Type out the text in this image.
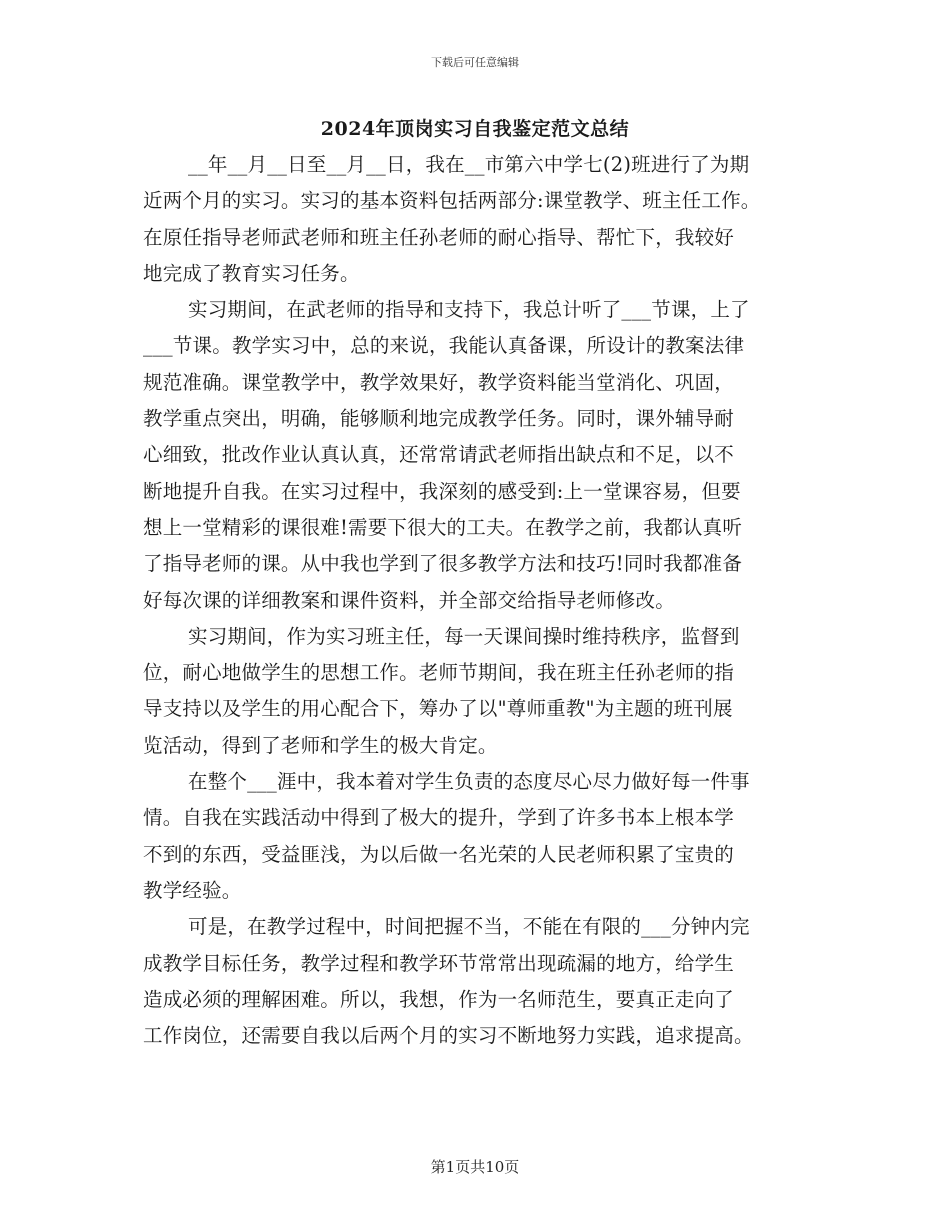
下载后可任意编辑
2024年顶岗实习自我鉴定范文总结
__年__月__日至__月__日，我在__市第六中学七(2)班进行了为期
近两个月的实习。实习的基本资料包括两部分:课堂教学、班主任工作。
在原任指导老师武老师和班主任孙老师的耐心指导、帮忙下，我较好
地完成了教育实习任务。
实习期间，在武老师的指导和支持下，我总计听了___节课，上了
___节课。教学实习中，总的来说，我能认真备课，所设计的教案法律
规范准确。课堂教学中，教学效果好，教学资料能当堂消化、巩固，
教学重点突出，明确，能够顺利地完成教学任务。同时，课外辅导耐
心细致，批改作业认真认真，还常常请武老师指出缺点和不足，以不
断地提升自我。在实习过程中，我深刻的感受到:上一堂课容易，但要
想上一堂精彩的课很难!需要下很大的工夫。在教学之前，我都认真听
了指导老师的课。从中我也学到了很多教学方法和技巧!同时我都准备
好每次课的详细教案和课件资料，并全部交给指导老师修改。
实习期间，作为实习班主任，每一天课间操时维持秩序，监督到
位，耐心地做学生的思想工作。老师节期间，我在班主任孙老师的指
导支持以及学生的用心配合下，筹办了以"尊师重教"为主题的班刊展
览活动，得到了老师和学生的极大肯定。
在整个___涯中，我本着对学生负责的态度尽心尽力做好每一件事
情。自我在实践活动中得到了极大的提升，学到了许多书本上根本学
不到的东西，受益匪浅，为以后做一名光荣的人民老师积累了宝贵的
教学经验。
可是，在教学过程中，时间把握不当，不能在有限的___分钟内完
成教学目标任务，教学过程和教学环节常常出现疏漏的地方，给学生
造成必须的理解困难。所以，我想，作为一名师范生，要真正走向了
工作岗位，还需要自我以后两个月的实习不断地努力实践，追求提高。
第1页共10页
